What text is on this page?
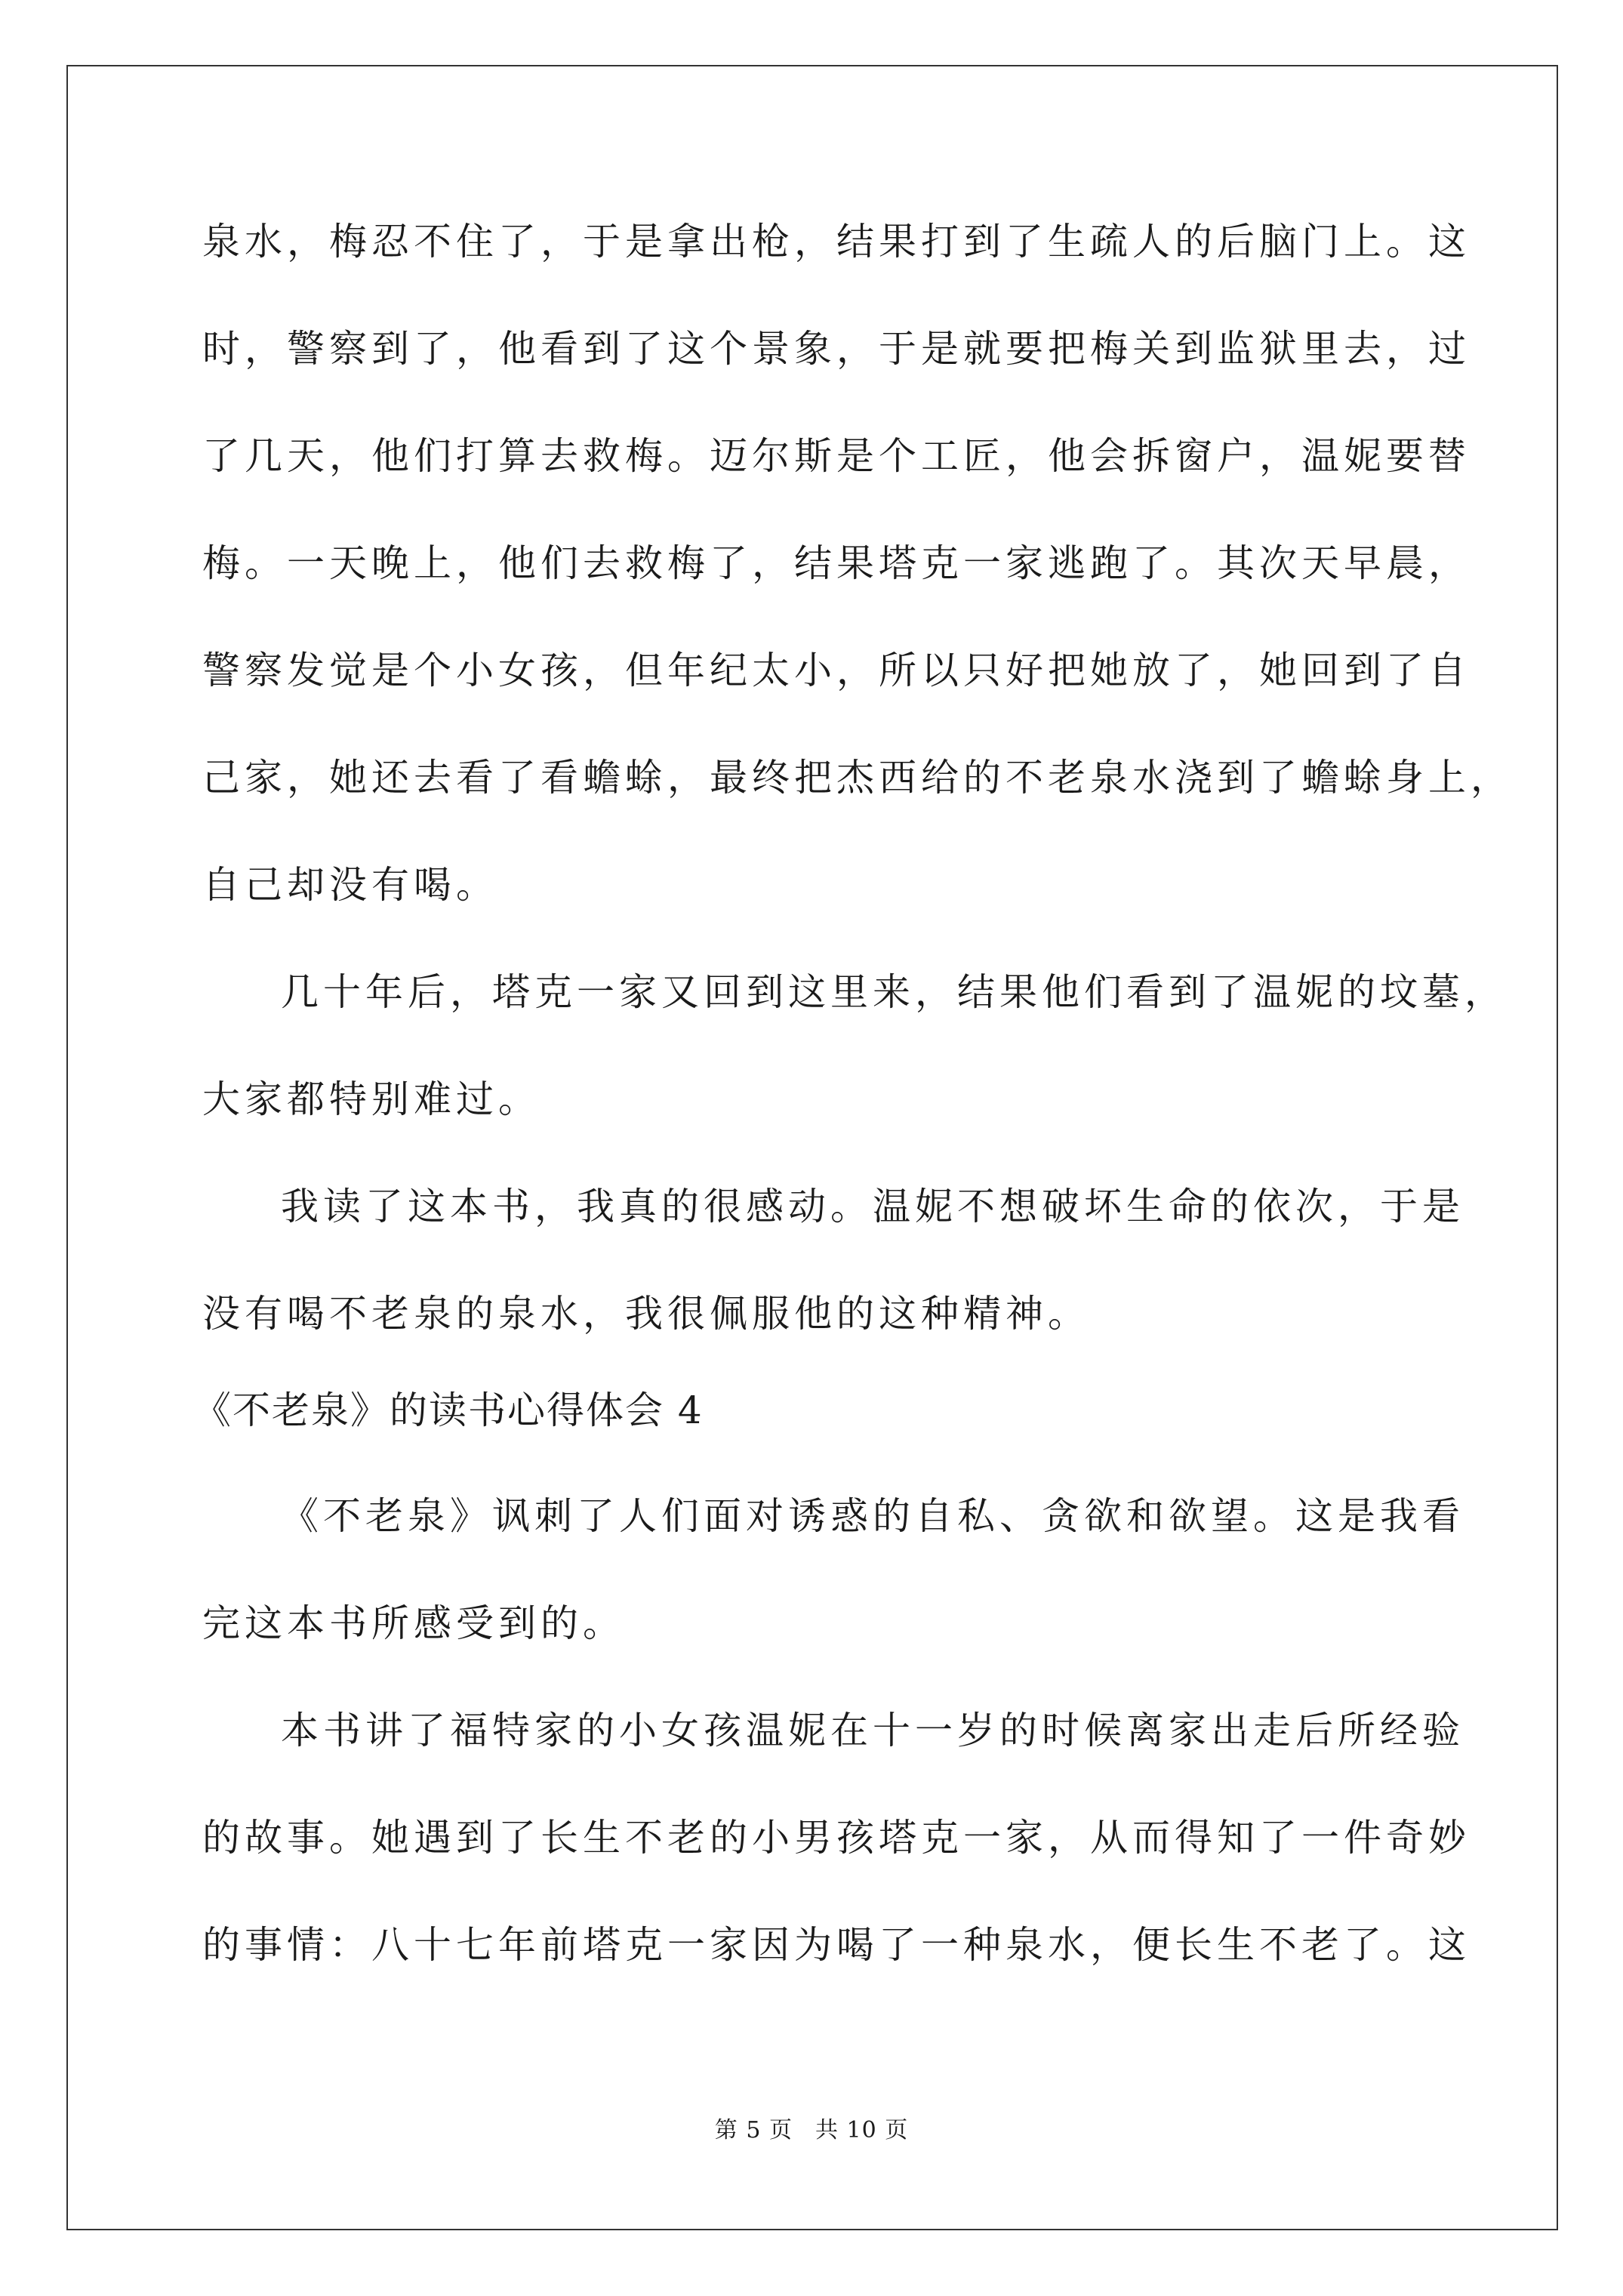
泉水，梅忍不住了，于是拿出枪，结果打到了生疏人的后脑门上。这
时，警察到了，他看到了这个景象，于是就要把梅关到监狱里去，过
了几天，他们打算去救梅。迈尔斯是个工匠，他会拆窗户，温妮要替
梅。一天晚上，他们去救梅了，结果塔克一家逃跑了。其次天早晨，
警察发觉是个小女孩，但年纪太小，所以只好把她放了，她回到了自
己家，她还去看了看蟾蜍，最终把杰西给的不老泉水浇到了蟾蜍身上，
自己却没有喝。
几十年后，塔克一家又回到这里来，结果他们看到了温妮的坟墓，
大家都特别难过。
我读了这本书，我真的很感动。温妮不想破坏生命的依次，于是
没有喝不老泉的泉水，我很佩服他的这种精神。
《不老泉》的读书心得体会 4
《不老泉》讽刺了人们面对诱惑的自私、贪欲和欲望。这是我看
完这本书所感受到的。
本书讲了福特家的小女孩温妮在十一岁的时候离家出走后所经验
的故事。她遇到了长生不老的小男孩塔克一家，从而得知了一件奇妙
的事情：八十七年前塔克一家因为喝了一种泉水，便长生不老了。这
第 5 页 共 10 页
